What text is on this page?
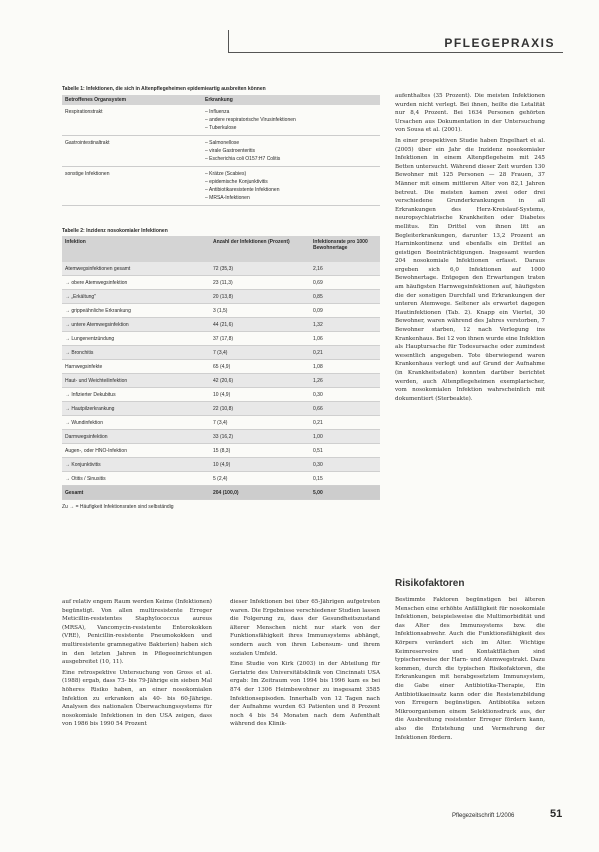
PFLEGEPRAXIS
Tabelle 1: Infektionen, die sich in Altenpflegeheimen epidemieartig ausbreiten können
Betroffenes Organsystem	Erkrankung
Respirationstrakt	– Influenza
– andere respiratorische Virusinfektionen
– Tuberkulose
Gastrointestinaltrakt	– Salmonellose
– virale Gastroenteritis
– Escherichia coli O157:H7 Colitis
sonstige Infektionen	– Krätze (Scabies)
– epidemische Konjunktivitis
– Antibiotikaresistente Infektionen
– MRSA-Infektionen
Tabelle 2: Inzidenz nosokomialer Infektionen
Infektion	Anzahl der Infektionen (Prozent)	Infektionsrate pro 1000 Bewohnertage
Atemwegsinfektionen gesamt	72 (35,3)	2,16
→ obere Atemwegsinfektion	23 (11,3)	0,69
→ „Erkältung"	20 (13,8)	0,85
→ grippeähnliche Erkrankung	3 (1,5)	0,09
→ untere Atemwegsinfektion	44 (21,6)	1,32
→ Lungenentzündung	37 (17,8)	1,06
→ Bronchitis	7 (3,4)	0,21
Harnwegsinfekte	65 (4,9)	1,08
Haut- und Weichteilinfektion	42 (20,6)	1,26
→ Infizierter Dekubitus	10 (4,9)	0,30
→ Hautpilzerkrankung	22 (10,8)	0,66
→ Wundinfektion	7 (3,4)	0,21
Darmwegsinfektion	33 (16,2)	1,00
Augen-, oder HNO-Infektion	15 (8,3)	0,51
→ Konjunktivitis	10 (4,9)	0,30
→ Otitis / Sinusitis	5 (2,4)	0,15
Gesamt	204 (100,0)	5,00
Zu → = Häufigkeit Infektionsraten sind selbständig

auf relativ engem Raum werden Keime (Infektionen) begünstigt. Von allen multiresistente Erreger Meticillin-resistentes Staphylococcus aureus (MRSA), Vancomycin-resistente Enterokokken (VRE), Penicillin-resistente Pneumokokken und multiresistente gramnegative Bakterien) haben sich in den letzten Jahren in Pflegeeinrichtungen ausgebreitet (10, 11).

Eine retrospektive Untersuchung von Gross et al. (1988) ergab, dass 73- bis 79-Jährige ein sieben Mal höheres Risiko haben, an einer nosokomialen Infektion zu erkranken als 40- bis 60-Jährige. Analysen des nationalen Überwachungssystems für nosokomiale Infektionen in den USA zeigen, dass von 1986 bis 1990 54 Prozent

dieser Infektionen bei über 65-Jährigen aufgetreten waren. Die Ergebnisse verschiedener Studien lassen die Folgerung zu, dass der Gesundheitszustand älterer Menschen nicht nur stark von der Funktionsfähigkeit ihres Immunsystems abhängt, sondern auch von ihren Lebensum- und ihrem sozialen Umfeld.

Eine Studie von Kirk (2003) in der Abteilung für Geriatrie des Universitätsklinik von Cincinnati USA ergab: Im Zeitraum von 1994 bis 1996 kam es bei 874 der 1306 Heimbewohner zu insgesamt 3585 Infektionsepisoden. Innerhalb von 12 Tagen nach der Aufnahme wurden 63 Patienten und 8 Prozent noch 4 bis 54 Monaten nach dem Aufenthalt während des Klinik-

aufenthaltes (35 Prozent). Die meisten Infektionen wurden nicht verlegt. Bei ihnen, heilte die Letalität nur 8,4 Prozent. Bei 1634 Personen gehörten Ursachen aus Dokumentation in der Untersuchung von Sousa et al. (2001).

In einer prospektiven Studie haben Engelhart et al. (2005) über ein Jahr die Inzidenz nosokomialer Infektionen in einem Altenpflegeheim mit 245 Betten untersucht. Während dieser Zeit wurden 130 Bewohner mit 125 Personen — 28 Frauen, 37 Männer mit einem mittleren Alter von 82,1 Jahren betreut. Die meisten kamen zwei oder drei verschiedene Grunderkrankungen in all Erkrankungen des Herz-Kreislauf-Systems, neuropsychiatrische Krankheiten oder Diabetes mellitus. Ein Drittel von ihnen litt an Begleiterkrankungen, darunter 13,2 Prozent an Harninkontinenz und ebenfalls ein Drittel an geistigen Beeinträchtigungen. Insgesamt wurden 204 nosokomiale Infektionen erfasst. Daraus ergeben sich 6,0 Infektionen auf 1000 Bewohnertage. Entgegen den Erwartungen traten am häufigsten Harnwegsinfektionen auf, häufigsten die der sonstigen Durchfall und Erkrankungen der unteren Atemwege. Seltener als erwartet dagegen Hautinfektionen (Tab. 2). Knapp ein Viertel, 30 Bewohner, waren während des Jahres verstorben, 7 Bewohner starben, 12 nach Verlegung ins Krankenhaus. Bei 12 von ihnen wurde eine Infektion als Hauptursache für Todesursache oder zumindest wesentlich angegeben. Tote überwiegend waren Krankenhaus verlegt und auf Grund der Aufnahme (in Krankheitsdaten) konnten darüber berichtet werden, auch Altenpflegeheimen exemplarischer, vom nosokomialen Infektion wahrscheinlich mit dokumentiert (Sterbeakte).

Risikofaktoren

Bestimmte Faktoren begünstigen bei älteren Menschen eine erhöhte Anfälligkeit für nosokomiale Infektionen, beispielsweise die Multimorbidität und das Alter des Immunsystems bzw. die Infektionsabwehr. Auch die Funktionsfähigkeit des Körpers verändert sich im Alter. Wichtige Keimreservoire und Kontaktflächen sind typischerweise der Harn- und Atemwegstrakt. Dazu kommen, durch die typischen Risikofaktoren, die Erkrankungen mit herabgesetztem Immunsystem, die Gabe einer Antibiotika-Therapie, Ein Antibiotikaeinsatz kann oder die Resistenzbildung von Erregern begünstigen. Antibiotika setzen Mikroorganismen einem Selektionsdruck aus, der die Ausbreitung resistenter Erreger fördern kann, also die Entstehung und Vermehrung der Infektionen fördern.

Pflegezeitschrift 1/2006	51
